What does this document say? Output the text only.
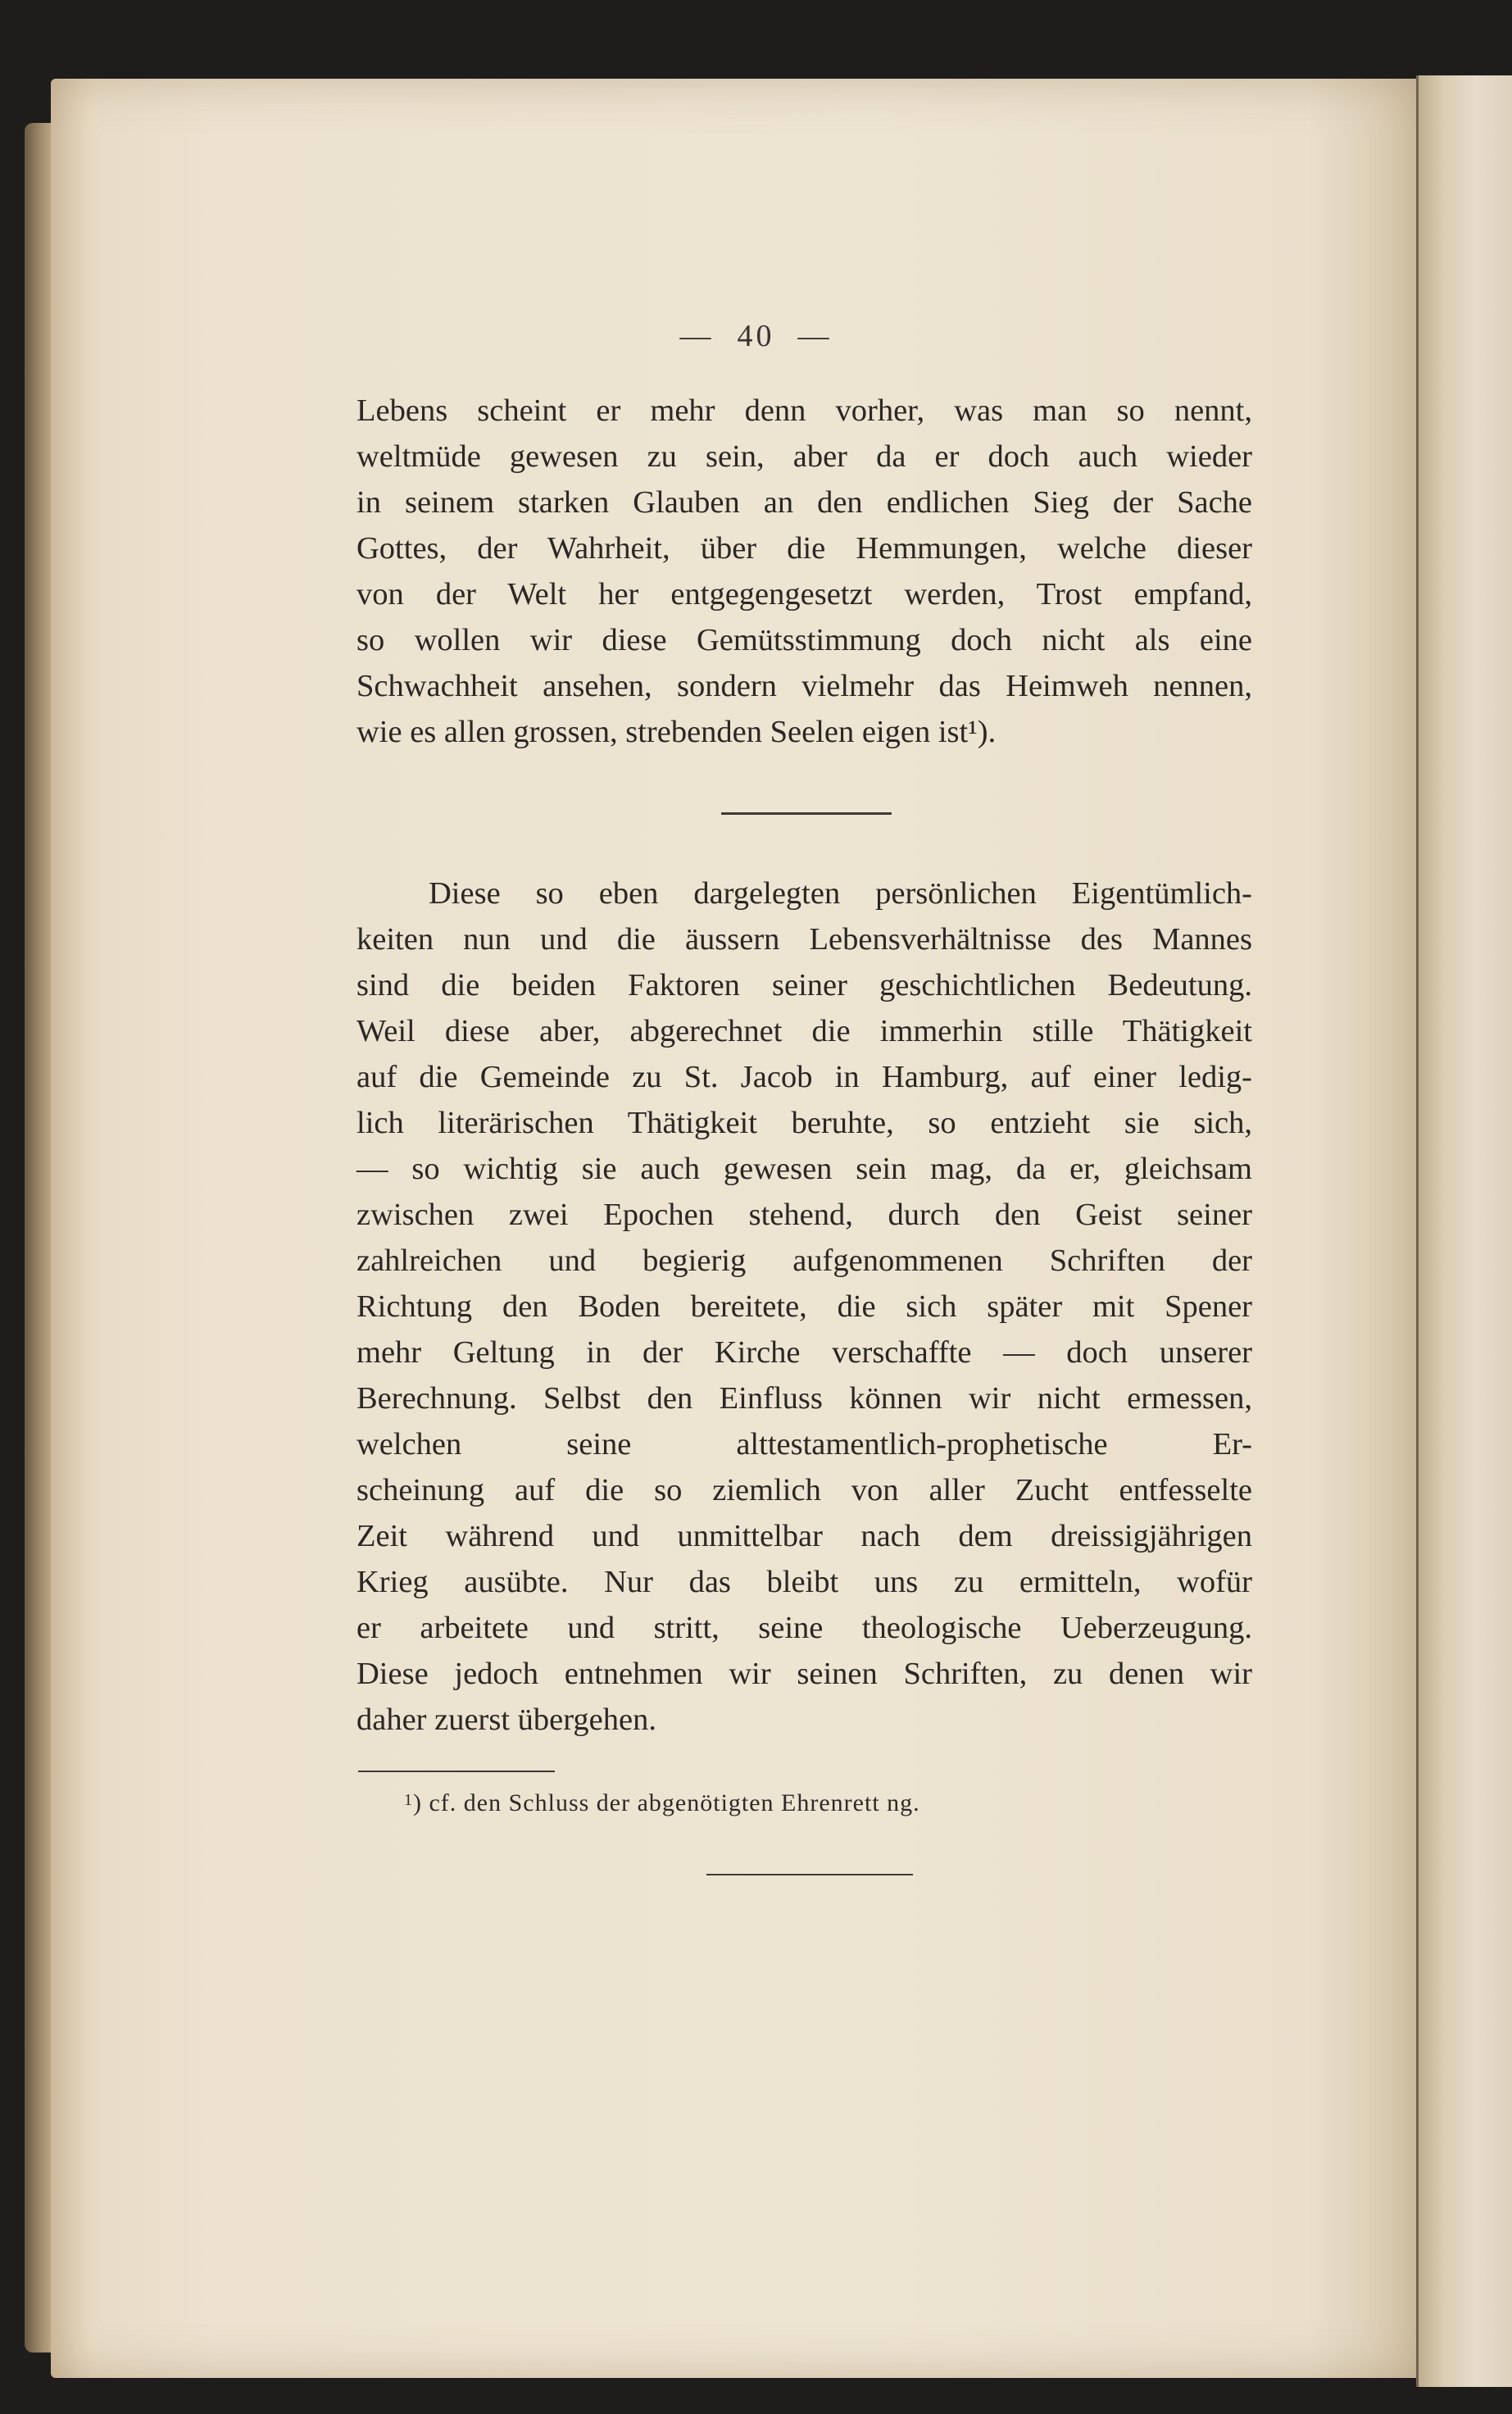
— 40 —
Lebens scheint er mehr denn vorher, was man so nennt,
weltmüde gewesen zu sein, aber da er doch auch wieder
in seinem starken Glauben an den endlichen Sieg der Sache
Gottes, der Wahrheit, über die Hemmungen, welche dieser
von der Welt her entgegengesetzt werden, Trost empfand,
so wollen wir diese Gemütsstimmung doch nicht als eine
Schwachheit ansehen, sondern vielmehr das Heimweh nennen,
wie es allen grossen, strebenden Seelen eigen ist¹).
Diese so eben dargelegten persönlichen Eigentümlich-
keiten nun und die äussern Lebensverhältnisse des Mannes
sind die beiden Faktoren seiner geschichtlichen Bedeutung.
Weil diese aber, abgerechnet die immerhin stille Thätigkeit
auf die Gemeinde zu St. Jacob in Hamburg, auf einer ledig-
lich literärischen Thätigkeit beruhte, so entzieht sie sich,
— so wichtig sie auch gewesen sein mag, da er, gleichsam
zwischen zwei Epochen stehend, durch den Geist seiner
zahlreichen und begierig aufgenommenen Schriften der
Richtung den Boden bereitete, die sich später mit Spener
mehr Geltung in der Kirche verschaffte — doch unserer
Berechnung. Selbst den Einfluss können wir nicht ermessen,
welchen seine alttestamentlich-prophetische Er-
scheinung auf die so ziemlich von aller Zucht entfesselte
Zeit während und unmittelbar nach dem dreissigjährigen
Krieg ausübte. Nur das bleibt uns zu ermitteln, wofür
er arbeitete und stritt, seine theologische Ueberzeugung.
Diese jedoch entnehmen wir seinen Schriften, zu denen wir
daher zuerst übergehen.
$^1$) cf. den Schluss der abgenötigten Ehrenrett ng.
